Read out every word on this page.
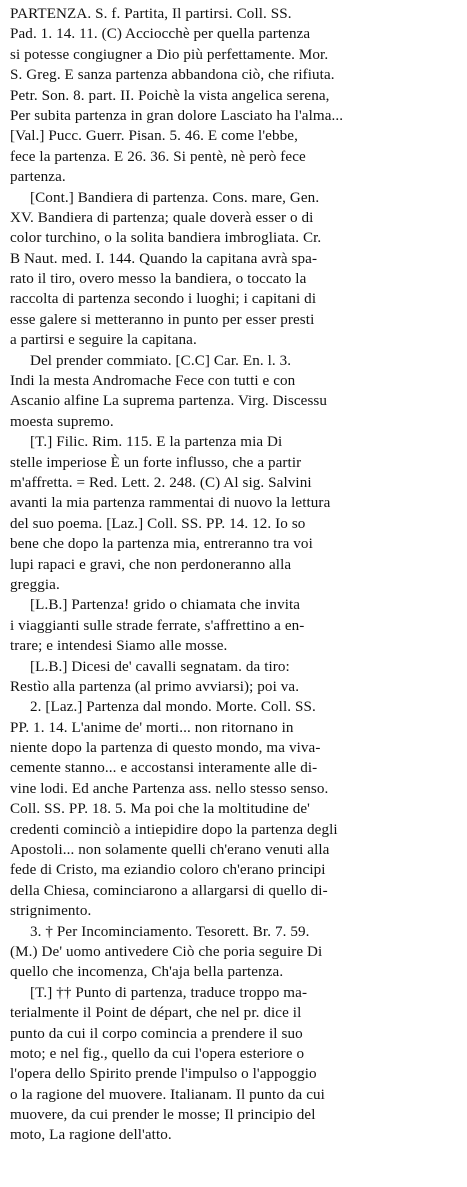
PARTENZA. S. f. Partita, Il partirsi. Coll. SS.
Pad. 1. 14. 11. (C) Acciocchè per quella partenza
si potesse congiugner a Dio più perfettamente. Mor.
S. Greg. E sanza partenza abbandona ciò, che rifiuta.
Petr. Son. 8. part. II. Poichè la vista angelica serena,
Per subita partenza in gran dolore Lasciato ha l'alma...
[Val.] Pucc. Guerr. Pisan. 5. 46. E come l'ebbe,
fece la partenza. E 26. 36. Si pentè, nè però fece
partenza.
[Cont.] Bandiera di partenza. Cons. mare, Gen.
XV. Bandiera di partenza; quale doverà esser o di
color turchino, o la solita bandiera imbrogliata. Cr.
B Naut. med. I. 144. Quando la capitana avrà spa-
rato il tiro, overo messo la bandiera, o toccato la
raccolta di partenza secondo i luoghi; i capitani di
esse galere si metteranno in punto per esser presti
a partirsi e seguire la capitana.
Del prender commiato. [C.C] Car. En. l. 3.
Indi la mesta Andromache Fece con tutti e con
Ascanio alfine La suprema partenza. Virg. Discessu
moesta supremo.
[T.] Filic. Rim. 115. E la partenza mia Di
stelle imperiose È un forte influsso, che a partir
m'affretta. = Red. Lett. 2. 248. (C) Al sig. Salvini
avanti la mia partenza rammentai di nuovo la lettura
del suo poema. [Laz.] Coll. SS. PP. 14. 12. Io so
bene che dopo la partenza mia, entreranno tra voi
lupi rapaci e gravi, che non perdoneranno alla
greggia.
[L.B.] Partenza! grido o chiamata che invita
i viaggianti sulle strade ferrate, s'affrettino a en-
trare; e intendesi Siamo alle mosse.
[L.B.] Dicesi de' cavalli segnatam. da tiro:
Restìo alla partenza (al primo avviarsi); poi va.
2. [Laz.] Partenza dal mondo. Morte. Coll. SS.
PP. 1. 14. L'anime de' morti... non ritornano in
niente dopo la partenza di questo mondo, ma viva-
cemente stanno... e accostansi interamente alle di-
vine lodi. Ed anche Partenza ass. nello stesso senso.
Coll. SS. PP. 18. 5. Ma poi che la moltitudine de'
credenti cominciò a intiepidire dopo la partenza degli
Apostoli... non solamente quelli ch'erano venuti alla
fede di Cristo, ma eziandio coloro ch'erano principi
della Chiesa, cominciarono a allargarsi di quello di-
strignimento.
3. † Per Incominciamento. Tesorett. Br. 7. 59.
(M.) De' uomo antivedere Ciò che poria seguire Di
quello che incomenza, Ch'aja bella partenza.
[T.] †† Punto di partenza, traduce troppo ma-
terialmente il Point de départ, che nel pr. dice il
punto da cui il corpo comincia a prendere il suo
moto; e nel fig., quello da cui l'opera esteriore o
l'opera dello Spirito prende l'impulso o l'appoggio
o la ragione del muovere. Italianam. Il punto da cui
muovere, da cui prender le mosse; Il principio del
moto, La ragione dell'atto.
